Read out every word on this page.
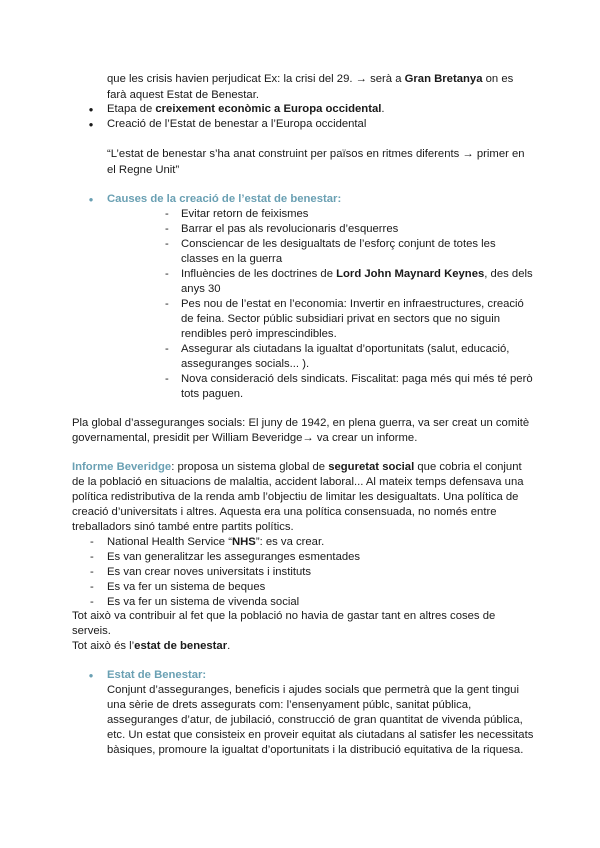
que les crisis havien perjudicat Ex: la crisi del 29. → serà a Gran Bretanya on es
farà aquest Estat de Benestar.
●
Etapa de creixement econòmic a Europa occidental.
●
Creació de l’Estat de benestar a l’Europa occidental
“L’estat de benestar s’ha anat construint per països en ritmes diferents → primer en
el Regne Unit”
●
Causes de la creació de l’estat de benestar:
- Evitar retorn de feixismes
- Barrar el pas als revolucionaris d’esquerres
- Consciencar de les desigualtats de l’esforç conjunt de totes les
classes en la guerra
- Influències de les doctrines de Lord John Maynard Keynes, des dels
anys 30
- Pes nou de l’estat en l’economia: Invertir en infraestructures, creació
de feina. Sector públic subsidiari privat en sectors que no siguin
rendibles però imprescindibles.
- Assegurar als ciutadans la igualtat d’oportunitats (salut, educació,
asseguranges socials... ).
- Nova consideració dels sindicats. Fiscalitat: paga més qui més té però
tots paguen.
Pla global d’asseguranges socials: El juny de 1942, en plena guerra, va ser creat un comitè
governamental, presidit per William Beveridge→ va crear un informe.
Informe Beveridge: proposa un sistema global de seguretat social que cobria el conjunt
de la població en situacions de malaltia, accident laboral... Al mateix temps defensava una
política redistributiva de la renda amb l’objectiu de limitar les desigualtats. Una política de
creació d’universitats i altres. Aquesta era una política consensuada, no només entre
treballadors sinó també entre partits polítics.
- National Health Service “NHS”: es va crear.
- Es van generalitzar les asseguranges esmentades
- Es van crear noves universitats i instituts
- Es va fer un sistema de beques
- Es va fer un sistema de vivenda social
Tot això va contribuir al fet que la població no havia de gastar tant en altres coses de
serveis.
Tot això és l’estat de benestar.
●
Estat de Benestar:
Conjunt d’asseguranges, beneficis i ajudes socials que permetrà que la gent tingui
una sèrie de drets assegurats com: l’ensenyament públc, sanitat pública,
asseguranges d’atur, de jubilació, construcció de gran quantitat de vivenda pública,
etc. Un estat que consisteix en proveir equitat als ciutadans al satisfer les necessitats
bàsiques, promoure la igualtat d’oportunitats i la distribució equitativa de la riquesa.
